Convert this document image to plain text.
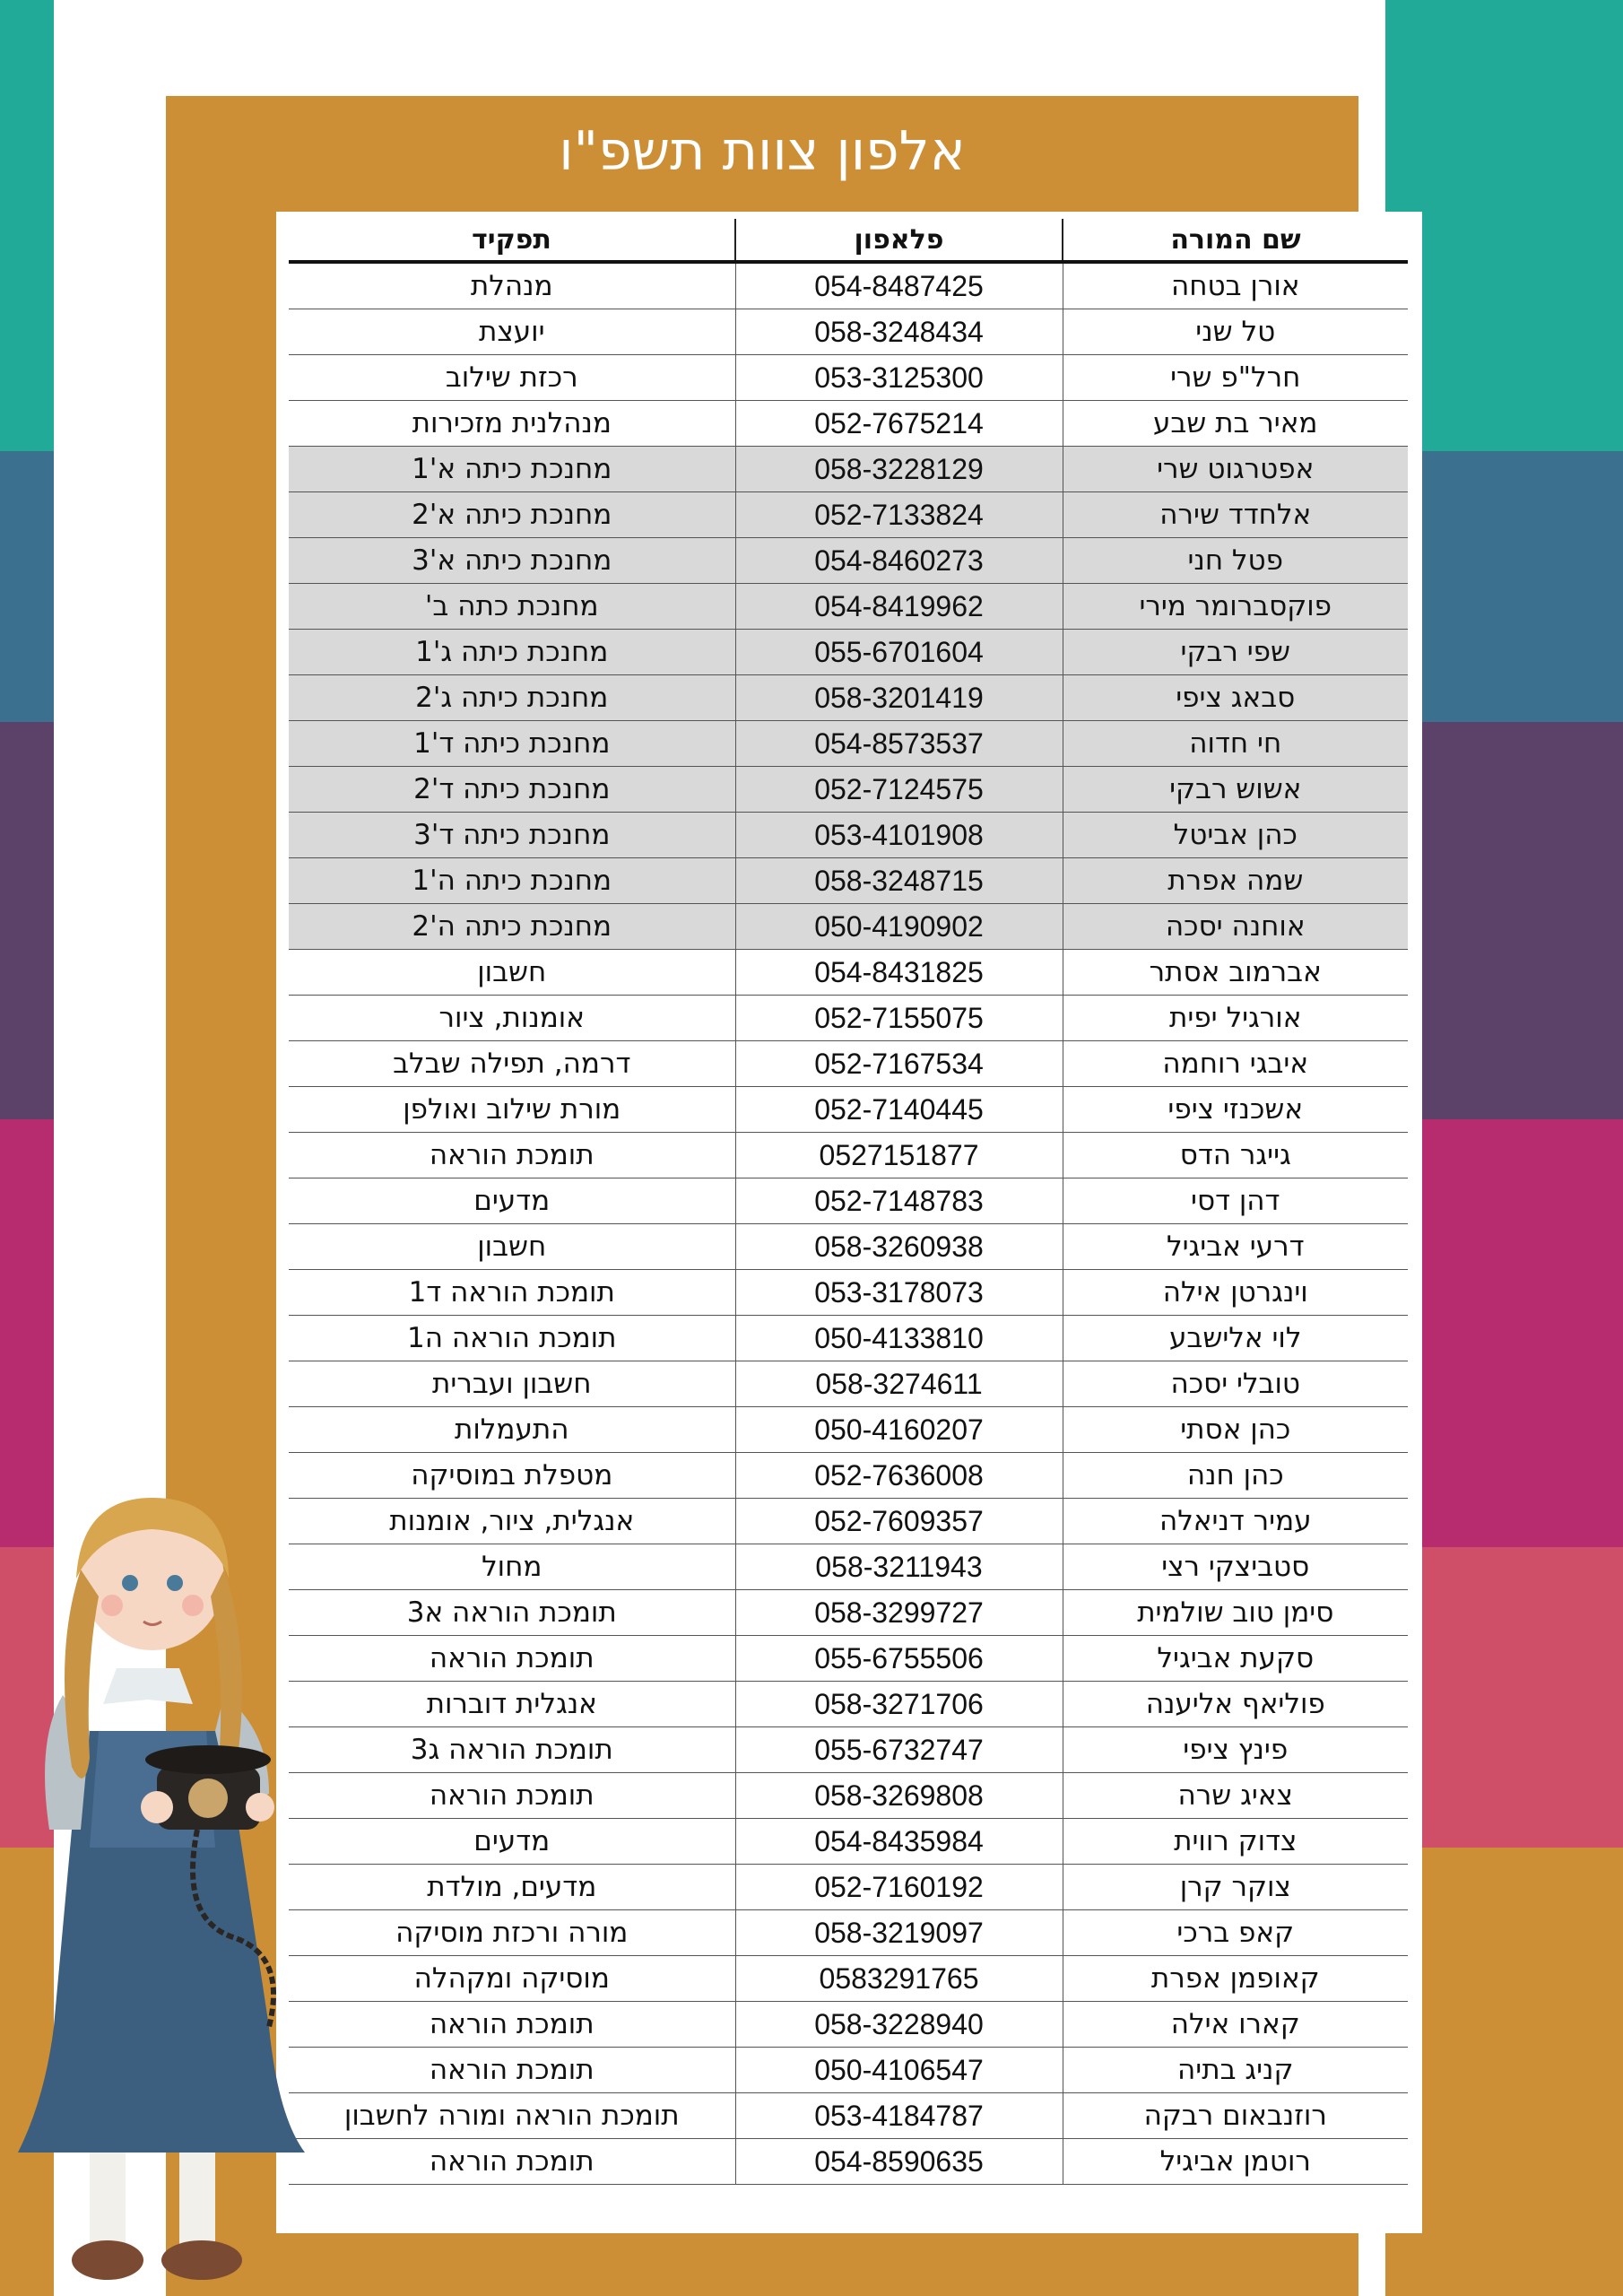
אלפון צוות תשפ"ו
בית ספר חכמים	שם המורה	פלאפון	תפקיד
אורן בטחה	054-8487425	מנהלת
טל שני	058-3248434	יועצת
חרל"פ שרי	053-3125300	רכזת שילוב
מאיר בת שבע	052-7675214	מנהלנית מזכירות
אפטרגוט שרי	058-3228129	מחנכת כיתה א'1
אלחדד שירה	052-7133824	מחנכת כיתה א'2
פטל חני	054-8460273	מחנכת כיתה א'3
פוקסברומר מירי	054-8419962	מחנכת כתה ב'
שפי רבקי	055-6701604	מחנכת כיתה ג'1
סבאג ציפי	058-3201419	מחנכת כיתה ג'2
חי חדוה	054-8573537	מחנכת כיתה ד'1
אשוש רבקי	052-7124575	מחנכת כיתה ד'2
כהן אביטל	053-4101908	מחנכת כיתה ד'3
שמה אפרת	058-3248715	מחנכת כיתה ה'1
אוחנה יסכה	050-4190902	מחנכת כיתה ה'2
אברמוב אסתר	054-8431825	חשבון
אורגיל יפית	052-7155075	אומנות, ציור
איבגי רוחמה	052-7167534	דרמה, תפילה שבלב
אשכנזי ציפי	052-7140445	מורת שילוב ואולפן
גייגר הדס	0527151877	תומכת הוראה
דהן דסי	052-7148783	מדעים
דרעי אביגיל	058-3260938	חשבון
וינגרטן אילה	053-3178073	תומכת הוראה ד1
לוי אלישבע	050-4133810	תומכת הוראה ה1
טובלי יסכה	058-3274611	חשבון ועברית
כהן אסתי	050-4160207	התעמלות
כהן חנה	052-7636008	מטפלת במוסיקה
עמיר דניאלה	052-7609357	אנגלית, ציור, אומנות
סטביצקי רצי	058-3211943	מחול
סימן טוב שולמית	058-3299727	תומכת הוראה א3
סקעת אביגיל	055-6755506	תומכת הוראה
פוליאף אליענה	058-3271706	אנגלית דוברות
פינץ ציפי	055-6732747	תומכת הוראה ג3
צאיג שרה	058-3269808	תומכת הוראה
צדוק רווית	054-8435984	מדעים
צוקר קרן	052-7160192	מדעים, מולדת
קאפ ברכי	058-3219097	מורה ורכזת מוסיקה
קאופמן אפרת	0583291765	מוסיקה ומקהלה
קארו אילה	058-3228940	תומכת הוראה
קניג בתיה	050-4106547	תומכת הוראה
רוזנבאום רבקה	053-4184787	תומכת הוראה ומורה לחשבון
רוטמן אביגיל	054-8590635	תומכת הוראה
